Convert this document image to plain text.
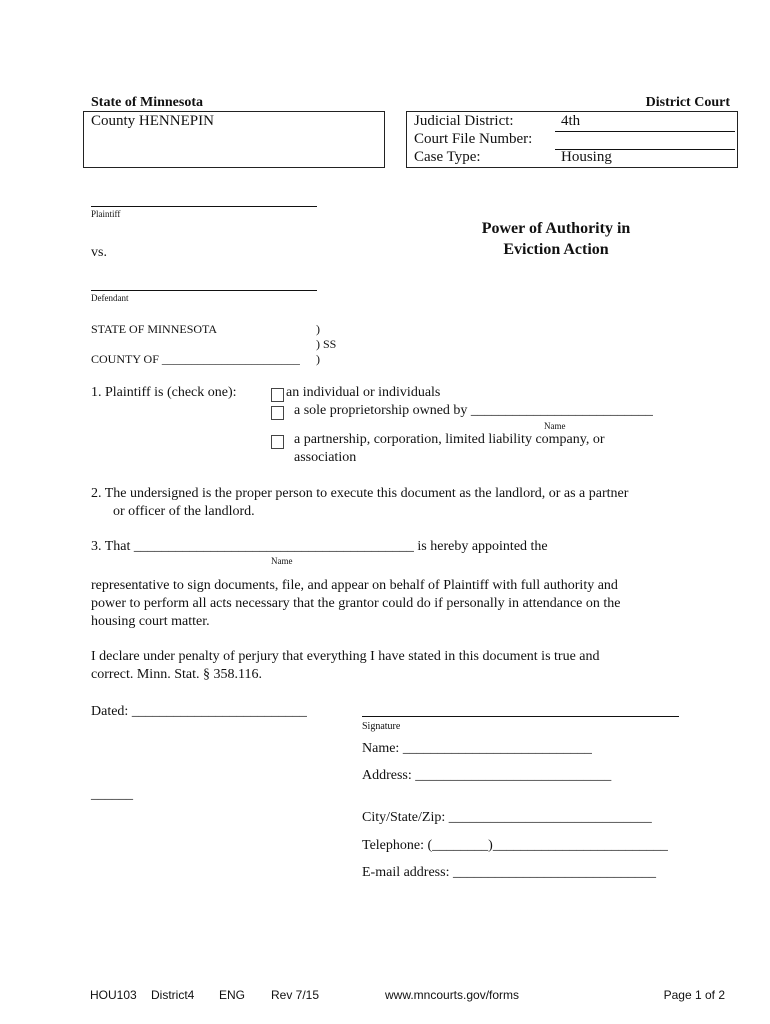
State of Minnesota	District Court
County HENNEPIN	Judicial District:	4th
Court File Number:
Case Type:	Housing
Plaintiff
vs.
Defendant
Power of Authority in
Eviction Action
STATE OF MINNESOTA	)
) SS
COUNTY OF _______________________ )
1. Plaintiff is (check one):	an individual or individuals
a sole proprietorship owned by __________________________
Name
a partnership, corporation, limited liability company, or
association
2. The undersigned is the proper person to execute this document as the landlord, or as a partner
or officer of the landlord.
3. That ________________________________________ is hereby appointed the
Name
representative to sign documents, file, and appear on behalf of Plaintiff with full authority and
power to perform all acts necessary that the grantor could do if personally in attendance on the
housing court matter.
I declare under penalty of perjury that everything I have stated in this document is true and
correct. Minn. Stat. § 358.116.
Dated: _________________________
Signature
Name: ___________________________
Address: ____________________________
______
City/State/Zip: _____________________________
Telephone: (________)_________________________
E-mail address: _____________________________
HOU103 District4 ENG Rev 7/15	www.mncourts.gov/forms	Page 1 of 2
